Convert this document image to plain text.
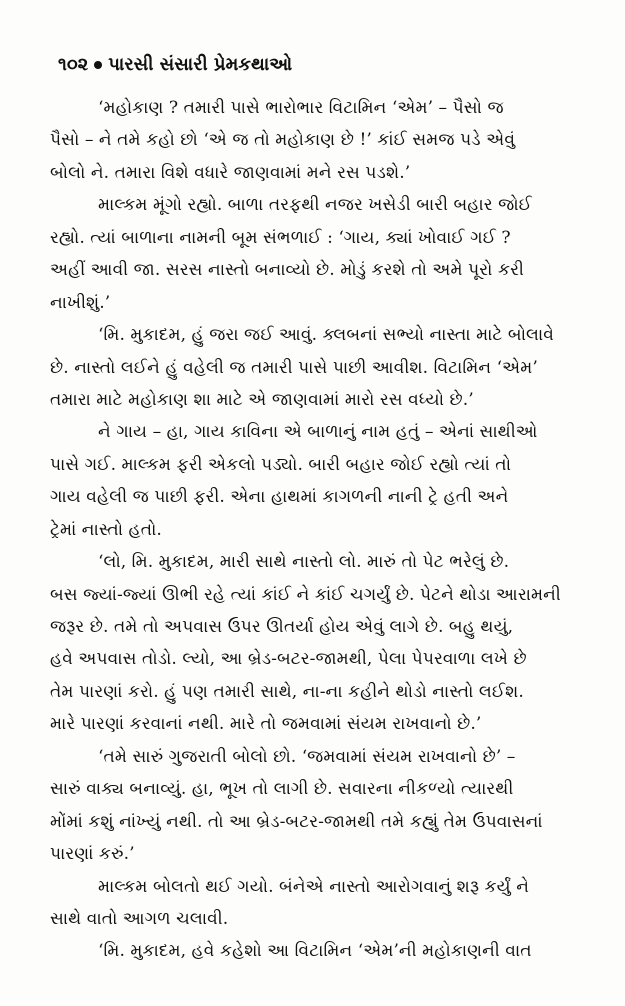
૧૦૨ પારસી સંસારી પ્રેમકથાઓ
‘મહોકાણ ? તમારી પાસે ભારોભાર વિટામિન ‘એમ’ – પૈસો જ
પૈસો – ને તમે કહો છો ‘એ જ તો મહોકાણ છે !’ કાંઈ સમજ પડે એવું
બોલો ને. તમારા વિશે વધારે જાણવામાં મને રસ પડશે.’
માલ્કમ મૂંગો રહ્યો. બાળા તરફથી નજર ખસેડી બારી બહાર જોઈ
રહ્યો. ત્યાં બાળાના નામની બૂમ સંભળાઈ : ‘ગાય, ક્યાં ખોવાઈ ગઈ ?
અહીં આવી જા. સરસ નાસ્તો બનાવ્યો છે. મોડું કરશે તો અમે પૂરો કરી
નાખીશું.’
‘મિ. મુકાદમ, હું જરા જઈ આવું. ક્લબનાં સભ્યો નાસ્તા માટે બોલાવે
છે. નાસ્તો લઈને હું વહેલી જ તમારી પાસે પાછી આવીશ. વિટામિન ‘એમ’
તમારા માટે મહોકાણ શા માટે એ જાણવામાં મારો રસ વધ્યો છે.’
ને ગાય – હા, ગાય કાવિના એ બાળાનું નામ હતું – એનાં સાથીઓ
પાસે ગઈ. માલ્કમ ફરી એકલો પડ્યો. બારી બહાર જોઈ રહ્યો ત્યાં તો
ગાય વહેલી જ પાછી ફરી. એના હાથમાં કાગળની નાની ટ્રે હતી અને
ટ્રેમાં નાસ્તો હતો.
‘લો, મિ. મુકાદમ, મારી સાથે નાસ્તો લો. મારું તો પેટ ભરેલું છે.
બસ જ્યાં-જ્યાં ઊભી રહે ત્યાં કાંઈ ને કાંઈ ચગર્યું છે. પેટને થોડા આરામની
જરૂર છે. તમે તો અપવાસ ઉપર ઊતર્યા હોય એવું લાગે છે. બહુ થયું,
હવે અપવાસ તોડો. લ્યો, આ બ્રેડ-બટર-જામથી, પેલા પેપરવાળા લખે છે
તેમ પારણાં કરો. હું પણ તમારી સાથે, ના-ના કહીને થોડો નાસ્તો લઈશ.
મારે પારણાં કરવાનાં નથી. મારે તો જમવામાં સંયમ રાખવાનો છે.’
‘તમે સારું ગુજરાતી બોલો છો. ‘જમવામાં સંયમ રાખવાનો છે’ –
સારું વાક્ય બનાવ્યું. હા, ભૂખ તો લાગી છે. સવારના નીકળ્યો ત્યારથી
મોંમાં કશું નાંખ્યું નથી. તો આ બ્રેડ-બટર-જામથી તમે કહ્યું તેમ ઉપવાસનાં
પારણાં કરું.’
માલ્કમ બોલતો થઈ ગયો. બંનેએ નાસ્તો આરોગવાનું શરૂ કર્યું ને
સાથે વાતો આગળ ચલાવી.
‘મિ. મુકાદમ, હવે કહેશો આ વિટામિન ‘એમ’ની મહોકાણની વાત
